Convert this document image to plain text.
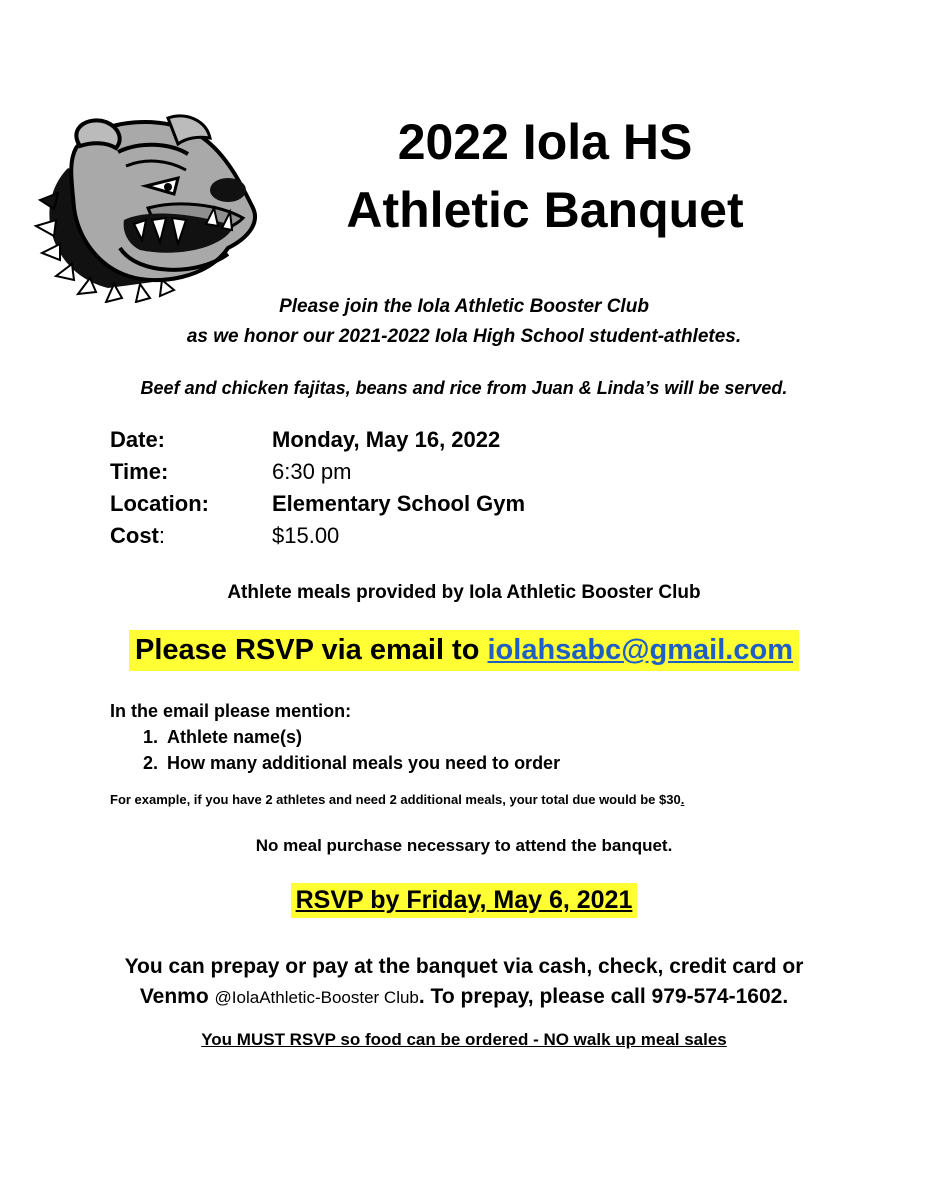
2022 Iola HS
Athletic Banquet
Please join the Iola Athletic Booster Club
as we honor our 2021-2022 Iola High School student-athletes.
Beef and chicken fajitas, beans and rice from Juan & Linda’s will be served.
Date:	Monday, May 16, 2022
Time:	6:30 pm
Location:	Elementary School Gym
Cost:	$15.00
Athlete meals provided by Iola Athletic Booster Club
Please RSVP via email to iolahsabc@gmail.com
In the email please mention:
1. Athlete name(s)
2. How many additional meals you need to order
For example, if you have 2 athletes and need 2 additional meals, your total due would be $30.
No meal purchase necessary to attend the banquet.
RSVP by Friday, May 6, 2021
You can prepay or pay at the banquet via cash, check, credit card or
Venmo @IolaAthletic-Booster Club. To prepay, please call 979-574-1602.
You MUST RSVP so food can be ordered - NO walk up meal sales
